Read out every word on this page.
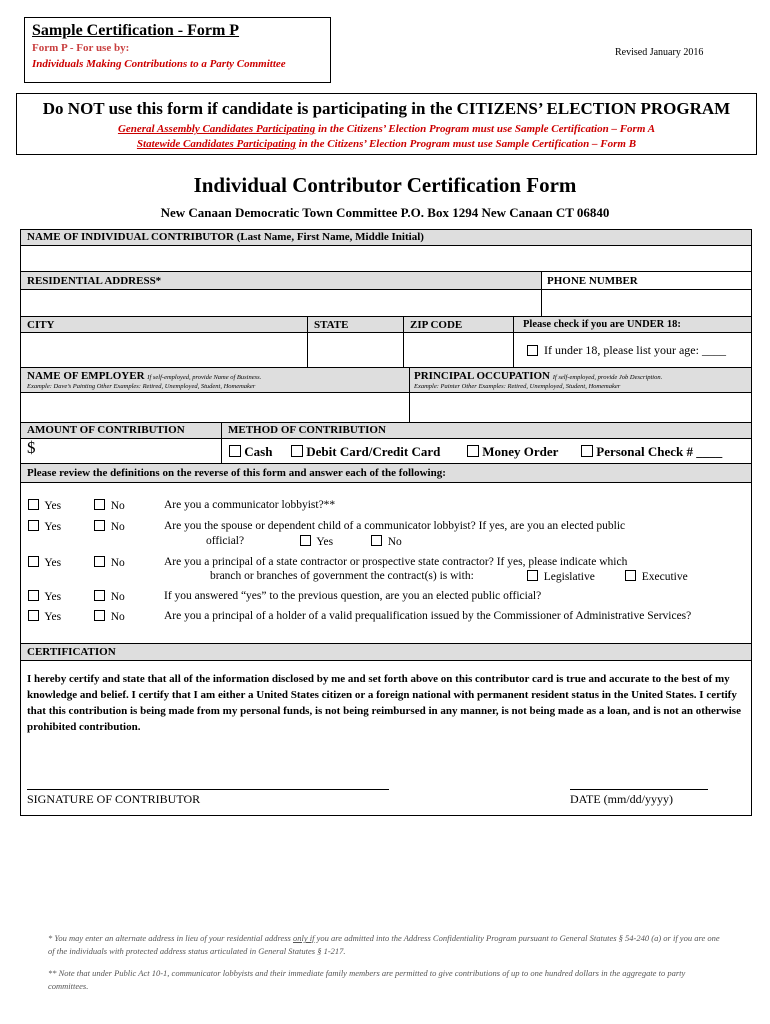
Sample Certification - Form P
Form P - For use by:
Individuals Making Contributions to a Party Committee
Revised January 2016
Do NOT use this form if candidate is participating in the CITIZENS’ ELECTION PROGRAM
General Assembly Candidates Participating in the Citizens’ Election Program must use Sample Certification – Form A
Statewide Candidates Participating in the Citizens’ Election Program must use Sample Certification – Form B
Individual Contributor Certification Form
New Canaan Democratic Town Committee P.O. Box 1294 New Canaan CT 06840
NAME OF INDIVIDUAL CONTRIBUTOR (Last Name, First Name, Middle Initial)
RESIDENTIAL ADDRESS*	PHONE NUMBER
CITY	STATE	ZIP CODE	Please check if you are UNDER 18:
If under 18, please list your age: ____
NAME OF EMPLOYER If self-employed, provide Name of Business.
Example: Dave’s Painting Other Examples: Retired, Unemployed, Student, Homemaker
PRINCIPAL OCCUPATION If self-employed, provide Job Description.
Example: Painter Other Examples: Retired, Unemployed, Student, Homemaker
AMOUNT OF CONTRIBUTION	METHOD OF CONTRIBUTION
$	Cash	Debit Card/Credit Card	Money Order	Personal Check # ____
Please review the definitions on the reverse of this form and answer each of the following:
Yes	No	Are you a communicator lobbyist?**
Yes	No	Are you the spouse or dependent child of a communicator lobbyist? If yes, are you an elected public
official?	Yes	No
Yes	No	Are you a principal of a state contractor or prospective state contractor? If yes, please indicate which
branch or branches of government the contract(s) is with:	Legislative	Executive
Yes	No	If you answered “yes” to the previous question, are you an elected public official?
Yes	No	Are you a principal of a holder of a valid prequalification issued by the Commissioner of Administrative Services?
CERTIFICATION
I hereby certify and state that all of the information disclosed by me and set forth above on this contributor card is true and accurate to the best of my knowledge and belief. I certify that I am either a United States citizen or a foreign national with permanent resident status in the United States. I certify that this contribution is being made from my personal funds, is not being reimbursed in any manner, is not being made as a loan, and is not an otherwise prohibited contribution.
SIGNATURE OF CONTRIBUTOR	DATE (mm/dd/yyyy)
* You may enter an alternate address in lieu of your residential address only if you are admitted into the Address Confidentiality Program pursuant to General Statutes § 54-240 (a) or if you are one of the individuals with protected address status articulated in General Statutes § 1-217.
** Note that under Public Act 10-1, communicator lobbyists and their immediate family members are permitted to give contributions of up to one hundred dollars in the aggregate to party committees.
